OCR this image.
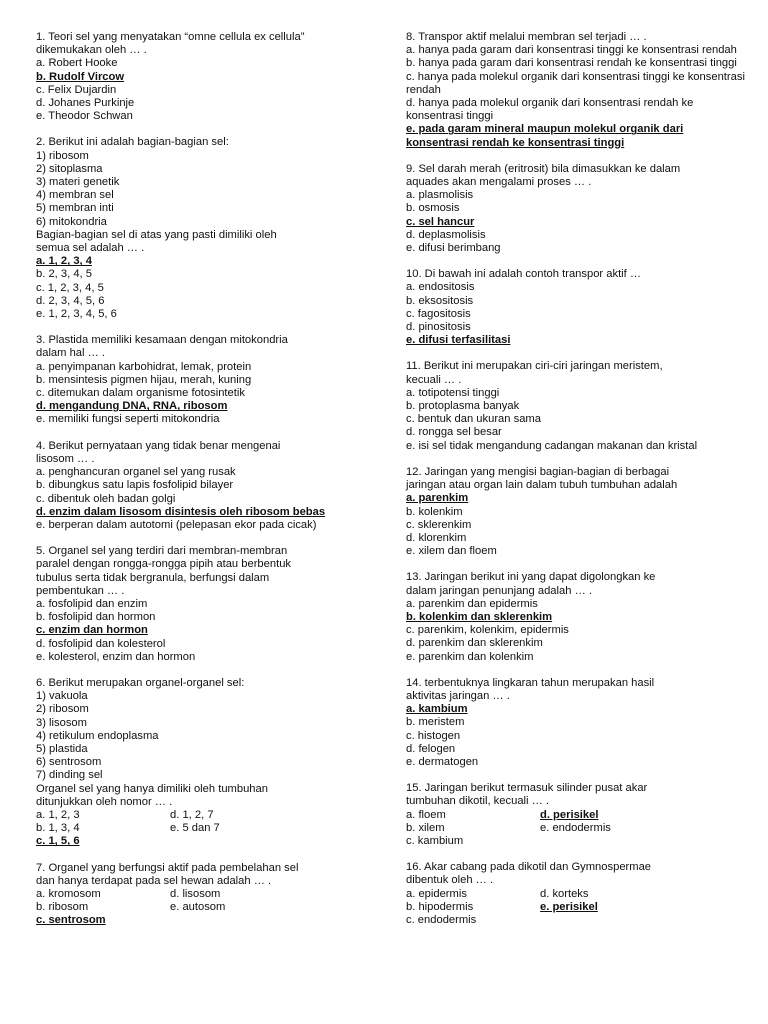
1. Teori sel yang menyatakan “omne cellula ex cellula”
dikemukakan oleh … .
a. Robert Hooke
b. Rudolf Vircow
c. Felix Dujardin
d. Johanes Purkinje
e. Theodor Schwan
2. Berikut ini adalah bagian-bagian sel:
1) ribosom
2) sitoplasma
3) materi genetik
4) membran sel
5) membran inti
6) mitokondria
Bagian-bagian sel di atas yang pasti dimiliki oleh
semua sel adalah … .
a. 1, 2, 3, 4
b. 2, 3, 4, 5
c. 1, 2, 3, 4, 5
d. 2, 3, 4, 5, 6
e. 1, 2, 3, 4, 5, 6
3. Plastida memiliki kesamaan dengan mitokondria
dalam hal … .
a. penyimpanan karbohidrat, lemak, protein
b. mensintesis pigmen hijau, merah, kuning
c. ditemukan dalam organisme fotosintetik
d. mengandung DNA, RNA, ribosom
e. memiliki fungsi seperti mitokondria
4. Berikut pernyataan yang tidak benar mengenai
lisosom … .
a. penghancuran organel sel yang rusak
b. dibungkus satu lapis fosfolipid bilayer
c. dibentuk oleh badan golgi
d. enzim dalam lisosom disintesis oleh ribosom bebas
e. berperan dalam autotomi (pelepasan ekor pada cicak)
5. Organel sel yang terdiri dari membran-membran
paralel dengan rongga-rongga pipih atau berbentuk
tubulus serta tidak bergranula, berfungsi dalam
pembentukan … .
a. fosfolipid dan enzim
b. fosfolipid dan hormon
c. enzim dan hormon
d. fosfolipid dan kolesterol
e. kolesterol, enzim dan hormon
6. Berikut merupakan organel-organel sel:
1) vakuola
2) ribosom
3) lisosom
4) retikulum endoplasma
5) plastida
6) sentrosom
7) dinding sel
Organel sel yang hanya dimiliki oleh tumbuhan
ditunjukkan oleh nomor … .
a. 1, 2, 3	d. 1, 2, 7
b. 1, 3, 4	e. 5 dan 7
c. 1, 5, 6
7. Organel yang berfungsi aktif pada pembelahan sel
dan hanya terdapat pada sel hewan adalah … .
a. kromosom	d. lisosom
b. ribosom	e. autosom
c. sentrosom
8. Transpor aktif melalui membran sel terjadi … .
a. hanya pada garam dari konsentrasi tinggi ke konsentrasi rendah
b. hanya pada garam dari konsentrasi rendah ke konsentrasi tinggi
c. hanya pada molekul organik dari konsentrasi tinggi ke konsentrasi rendah
d. hanya pada molekul organik dari konsentrasi rendah ke konsentrasi tinggi
e. pada garam mineral maupun molekul organik dari konsentrasi rendah ke konsentrasi tinggi
9. Sel darah merah (eritrosit) bila dimasukkan ke dalam
aquades akan mengalami proses … .
a. plasmolisis
b. osmosis
c. sel hancur
d. deplasmolisis
e. difusi berimbang
10. Di bawah ini adalah contoh transpor aktif …
a. endositosis
b. eksositosis
c. fagositosis
d. pinositosis
e. difusi terfasilitasi
11. Berikut ini merupakan ciri-ciri jaringan meristem,
kecuali … .
a. totipotensi tinggi
b. protoplasma banyak
c. bentuk dan ukuran sama
d. rongga sel besar
e. isi sel tidak mengandung cadangan makanan dan kristal
12. Jaringan yang mengisi bagian-bagian di berbagai
jaringan atau organ lain dalam tubuh tumbuhan adalah
a. parenkim
b. kolenkim
c. sklerenkim
d. klorenkim
e. xilem dan floem
13. Jaringan berikut ini yang dapat digolongkan ke
dalam jaringan penunjang adalah … .
a. parenkim dan epidermis
b. kolenkim dan sklerenkim
c. parenkim, kolenkim, epidermis
d. parenkim dan sklerenkim
e. parenkim dan kolenkim
14. terbentuknya lingkaran tahun merupakan hasil
aktivitas jaringan … .
a. kambium
b. meristem
c. histogen
d. felogen
e. dermatogen
15. Jaringan berikut termasuk silinder pusat akar
tumbuhan dikotil, kecuali … .
a. floem	d. perisikel
b. xilem	e. endodermis
c. kambium
16. Akar cabang pada dikotil dan Gymnospermae
dibentuk oleh … .
a. epidermis	d. korteks
b. hipodermis	e. perisikel
c. endodermis
